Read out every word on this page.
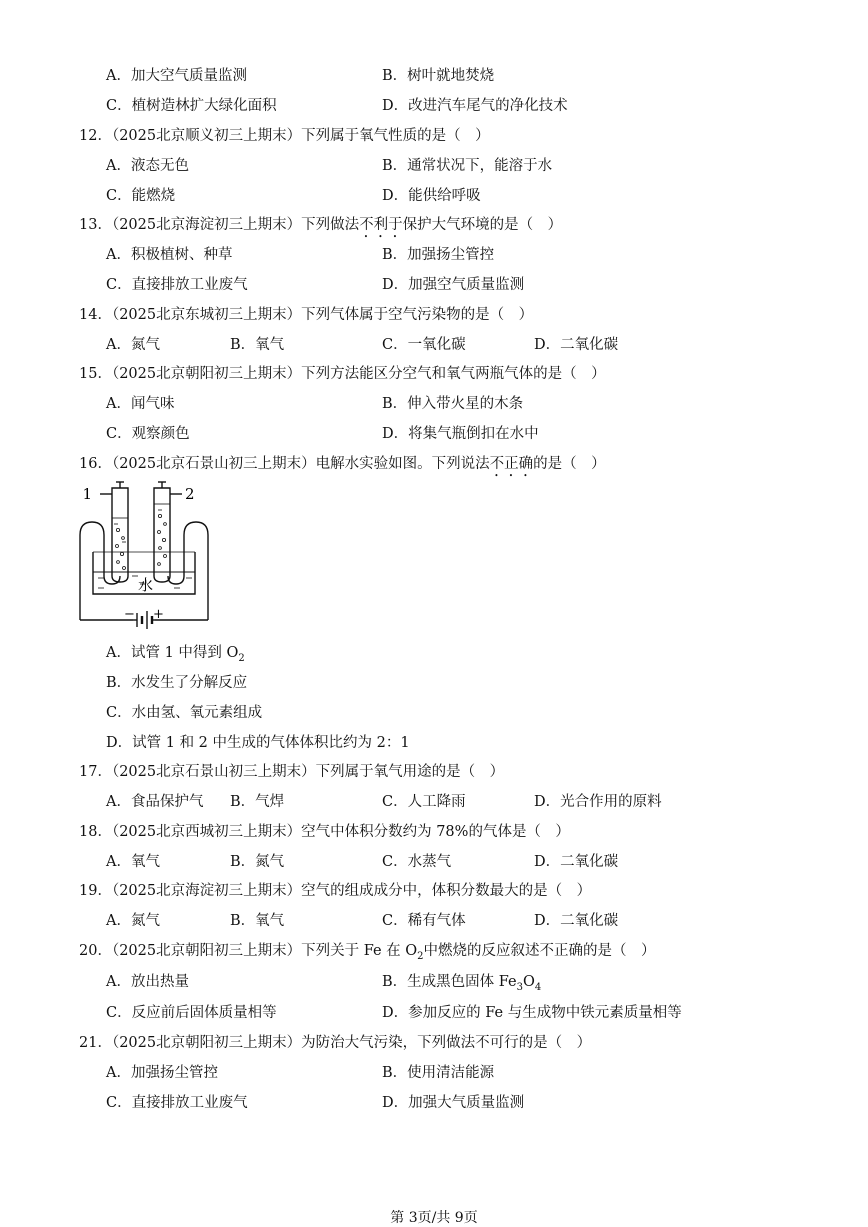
A．加大空气质量监测	B．树叶就地焚烧
C．植树造林扩大绿化面积	D．改进汽车尾气的净化技术
12．（2025北京顺义初三上期末）下列属于氧气性质的是（　）
A．液态无色	B．通常状况下，能溶于水
C．能燃烧	D．能供给呼吸
13．（2025北京海淀初三上期末）下列做法不利于保护大气环境的是（　）
A．积极植树、种草	B．加强扬尘管控
C．直接排放工业废气	D．加强空气质量监测
14．（2025北京东城初三上期末）下列气体属于空气污染物的是（　）
A．氮气	B．氧气	C．一氧化碳	D．二氧化碳
15．（2025北京朝阳初三上期末）下列方法能区分空气和氧气两瓶气体的是（　）
A．闻气味	B．伸入带火星的木条
C．观察颜色	D．将集气瓶倒扣在水中
16．（2025北京石景山初三上期末）电解水实验如图。下列说法不正确的是（　）
1	2
水
− +
A．试管 1 中得到 $O_2$
B．水发生了分解反应
C．水由氢、氧元素组成
D．试管 1 和 2 中生成的气体体积比约为 2：1
17．（2025北京石景山初三上期末）下列属于氧气用途的是（　）
A．食品保护气 B．气焊	C．人工降雨	D．光合作用的原料
18．（2025北京西城初三上期末）空气中体积分数约为 78%的气体是（　）
A．氧气	B．氮气	C．水蒸气	D．二氧化碳
19．（2025北京海淀初三上期末）空气的组成成分中，体积分数最大的是（　）
A．氮气	B．氧气	C．稀有气体	D．二氧化碳
20．（2025北京朝阳初三上期末）下列关于 Fe 在 $O_2$中燃烧的反应叙述不正确的是（　）
A．放出热量	B．生成黑色固体 $Fe_3O_4$
C．反应前后固体质量相等	D．参加反应的 Fe 与生成物中铁元素质量相等
21．（2025北京朝阳初三上期末）为防治大气污染，下列做法不可行的是（　）
A．加强扬尘管控	B．使用清洁能源
C．直接排放工业废气	D．加强大气质量监测
第 3页/共 9页
